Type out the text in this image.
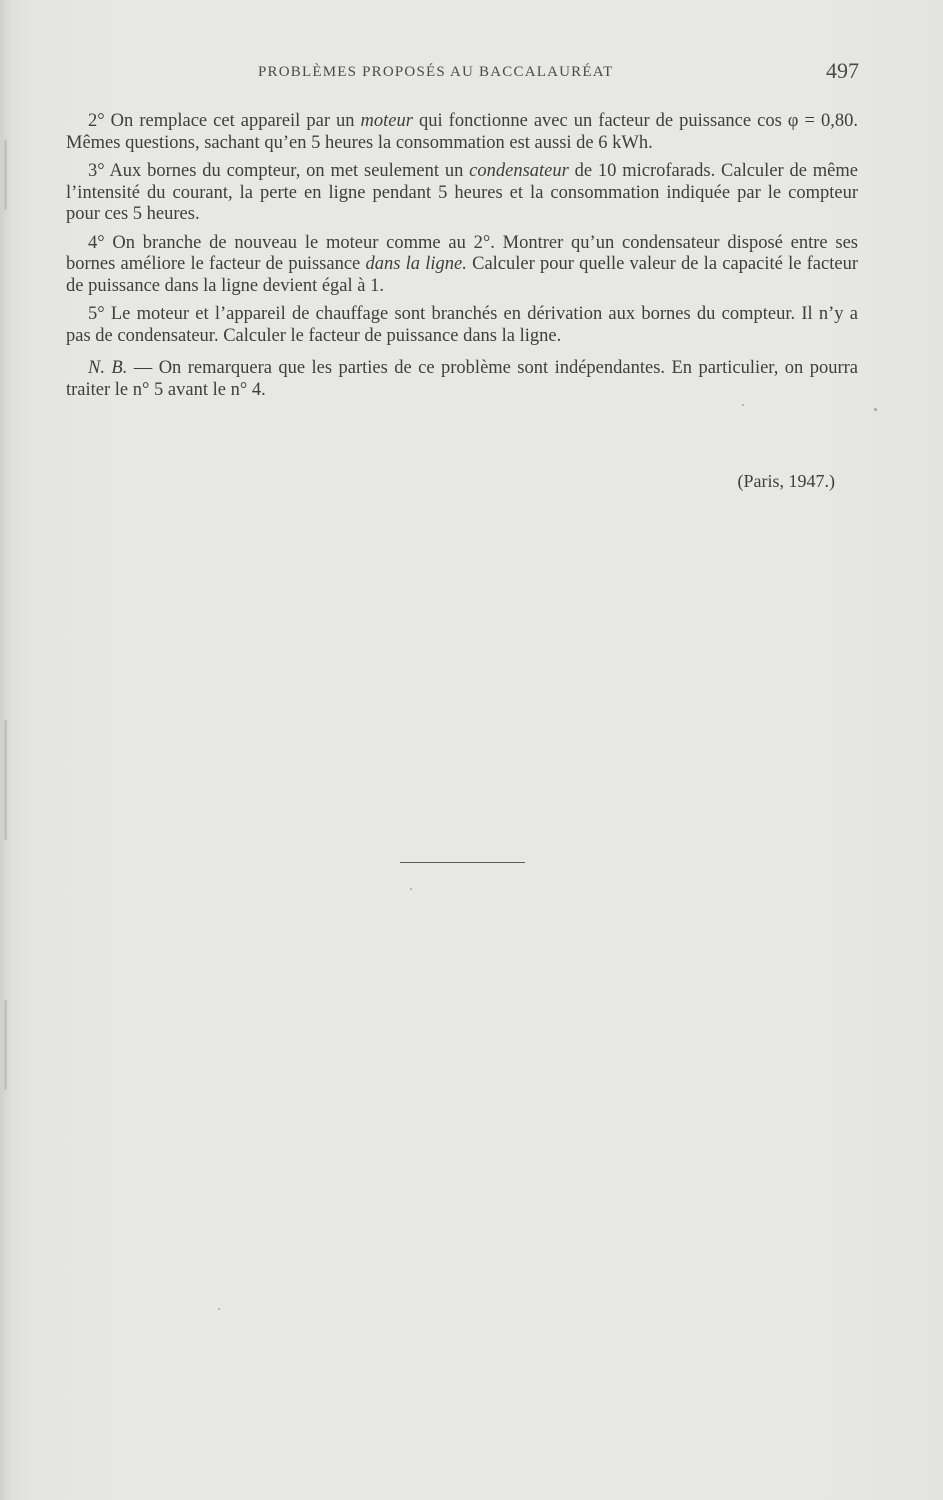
PROBLÈMES PROPOSÉS AU BACCALAURÉAT	497

2° On remplace cet appareil par un moteur qui fonctionne avec un facteur de puissance cos φ = 0,80. Mêmes questions, sachant qu’en 5 heures la consommation est aussi de 6 kWh.

3° Aux bornes du compteur, on met seulement un condensateur de 10 microfarads. Calculer de même l’intensité du courant, la perte en ligne pendant 5 heures et la consommation indiquée par le compteur pour ces 5 heures.

4° On branche de nouveau le moteur comme au 2°. Montrer qu’un condensateur disposé entre ses bornes améliore le facteur de puissance dans la ligne. Calculer pour quelle valeur de la capacité le facteur de puissance dans la ligne devient égal à 1.

5° Le moteur et l’appareil de chauffage sont branchés en dérivation aux bornes du compteur. Il n’y a pas de condensateur. Calculer le facteur de puissance dans la ligne.

N. B. — On remarquera que les parties de ce problème sont indépendantes. En particulier, on pourra traiter le n° 5 avant le n° 4.

(Paris, 1947.)
